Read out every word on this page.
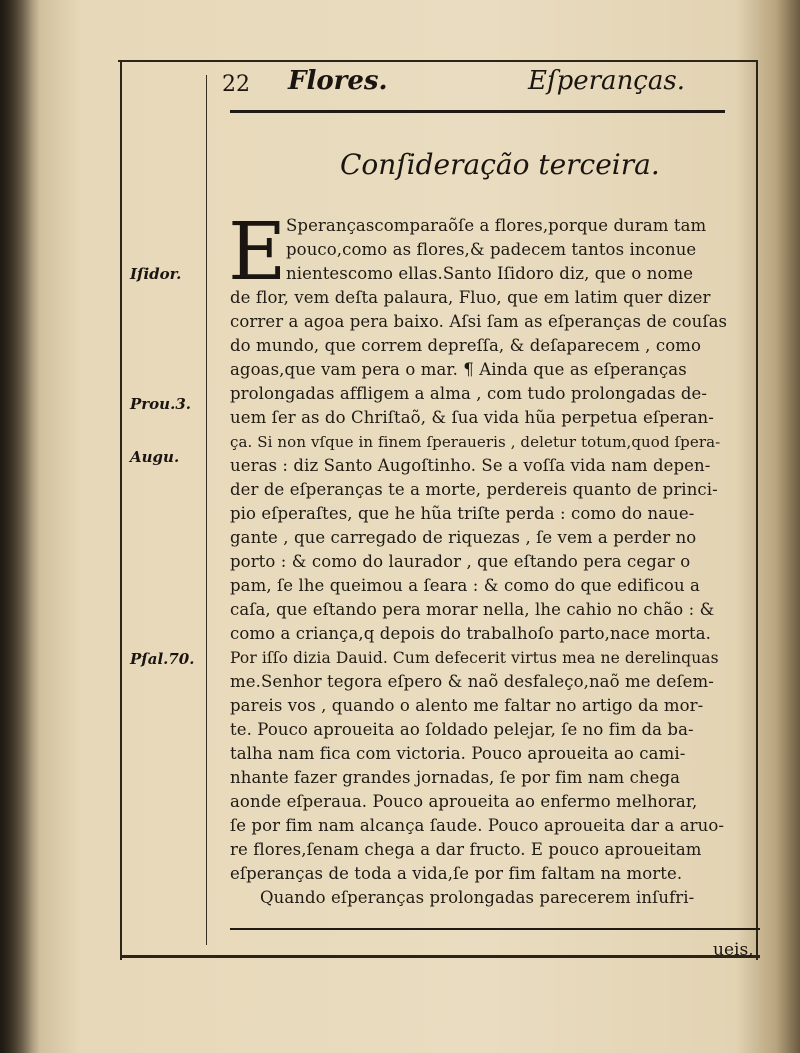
22 Flores.	Eſperanças.
Conſideração terceira.
E Sperançascomparaõſe a flores,porque duram tam
pouco,como as flores,& padecem tantos inconue
nientescomo ellas.Santo Iſidoro diz, que o nome
de flor, vem deſta palaura, Fluo, que em latim quer dizer
correr a agoa pera baixo. Aſsi ſam as eſperanças de couſas
do mundo, que correm depreſſa, & deſaparecem , como
agoas,que vam pera o mar. ¶ Ainda que as eſperanças
prolongadas affligem a alma , com tudo prolongadas de-
uem ſer as do Chriſtaõ, & ſua vida hũa perpetua eſperan-
ça. Si non vſque in finem ſperaueris , deletur totum,quod ſpera-
ueras : diz Santo Augoſtinho. Se a voſſa vida nam depen-
der de eſperanças te a morte, perdereis quanto de princi-
pio eſperaſtes, que he hũa triſte perda : como do naue-
gante , que carregado de riquezas , ſe vem a perder no
porto : & como do laurador , que eſtando pera cegar o
pam, ſe lhe queimou a ſeara : & como do que edificou a
caſa, que eſtando pera morar nella, lhe cahio no chão : &
como a criança,q depois do trabalhoſo parto,nace morta.
Por iſſo dizia Dauid. Cum defecerit virtus mea ne derelinquas
me.Senhor tegora eſpero & naõ desfaleço,naõ me deſem-
pareis vos , quando o alento me faltar no artigo da mor-
te. Pouco aproueita ao ſoldado pelejar, ſe no fim da ba-
talha nam fica com victoria. Pouco aproueita ao cami-
nhante fazer grandes jornadas, ſe por fim nam chega
aonde eſperaua. Pouco aproueita ao enfermo melhorar,
ſe por fim nam alcança ſaude. Pouco aproueita dar a aruo-
re flores,ſenam chega a dar fructo. E pouco aproueitam
eſperanças de toda a vida,ſe por fim faltam na morte.
Quando eſperanças prolongadas parecerem inſufri-
Iſidor.
Prou.3.
Augu.
Pſal.70.
ueis,
